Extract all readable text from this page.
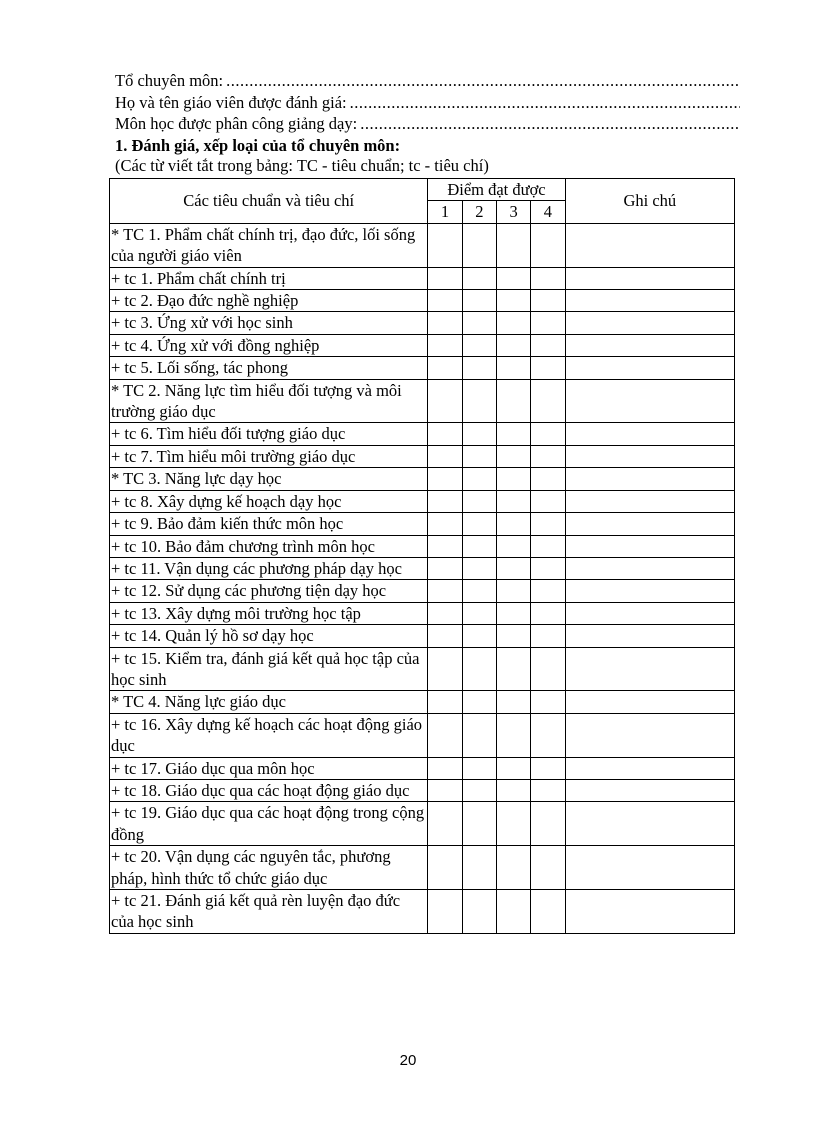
Tổ chuyên môn:
.....
Họ và tên giáo viên được đánh giá:
.....
Môn học được phân công giảng dạy:
.....
1. Đánh giá, xếp loại của tổ chuyên môn:
(Các từ viết tắt trong bảng: TC - tiêu chuẩn; tc - tiêu chí)
Các tiêu chuẩn và tiêu chí	Điểm đạt được				Ghi chú
	1	2	3	4	
* TC 1. Phẩm chất chính trị, đạo đức, lối sống của người giáo viên					
+ tc 1. Phẩm chất chính trị					
+ tc 2. Đạo đức nghề nghiệp					
+ tc 3. Ứng xử với học sinh					
+ tc 4. Ứng xử với đồng nghiệp					
+ tc 5. Lối sống, tác phong					
* TC 2. Năng lực tìm hiểu đối tượng và môi trường giáo dục					
+ tc 6. Tìm hiểu đối tượng giáo dục					
+ tc 7. Tìm hiểu môi trường giáo dục					
* TC 3. Năng lực dạy học					
+ tc 8. Xây dựng kế hoạch dạy học					
+ tc 9. Bảo đảm kiến thức môn học					
+ tc 10. Bảo đảm chương trình môn học					
+ tc 11. Vận dụng các phương pháp dạy học					
+ tc 12. Sử dụng các phương tiện dạy học					
+ tc 13. Xây dựng môi trường học tập					
+ tc 14. Quản lý hồ sơ dạy học					
+ tc 15. Kiểm tra, đánh giá kết quả học tập của học sinh					
* TC 4. Năng lực giáo dục					
+ tc 16. Xây dựng kế hoạch các hoạt động giáo dục					
+ tc 17. Giáo dục qua môn học					
+ tc 18. Giáo dục qua các hoạt động giáo dục					
+ tc 19. Giáo dục qua các hoạt động trong cộng đồng					
+ tc 20. Vận dụng các nguyên tắc, phương pháp, hình thức tổ chức giáo dục					
+ tc 21. Đánh giá kết quả rèn luyện đạo đức của học sinh					
20
